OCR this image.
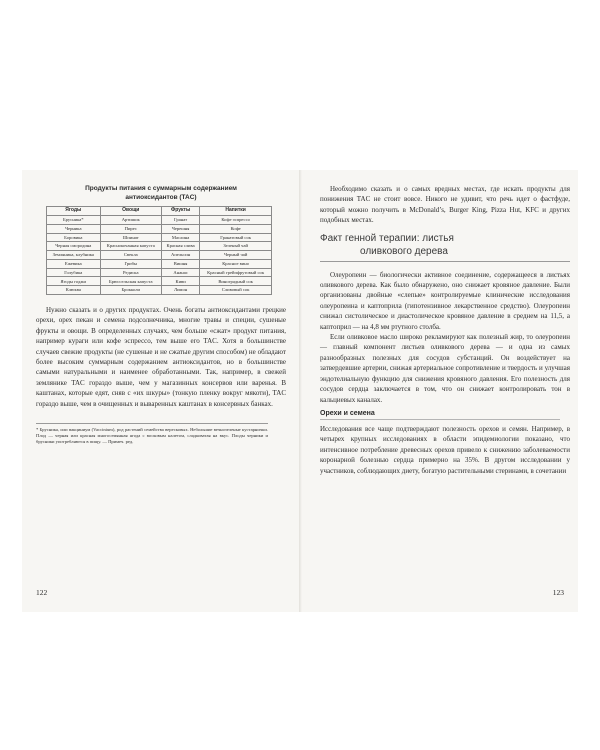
Продукты питания с суммарным содержанием
антиоксидантов (TAC)
Ягоды	Овощи	Фрукты	Напитки
Брусника*	Артишок	Гранат	Кофе эспрессо
Черника	Пирес	Черешня	Кофе
Боровика	Шпинат	Маслина	Гранатовый сок
Черная смородина	Краснокочанная капуста	Красная слива	Зеленый чай
Земляника, клубника	Свекла	Апельсин	Черный чай
Ежевика	Грибы	Вишня	Красное вино
Голубика	Редиска	Ананас	Красный грейпфрутовый сок
Ягоды годжи	Брюссельская капуста	Киви	Виноградный сок
Клюква	Брокколи	Лимон	Сливовый сок

Нужно сказать и о других продуктах. Очень богаты антиоксидантами грецкие орехи, орех пекан и семена подсолнечника, многие травы и специи, сушеные фрукты и овощи. В определенных случаях, чем больше «сжат» продукт питания, например кураги или кофе эспрессо, тем выше его TAC. Хотя в большинстве случаев свежие продукты (не сушеные и не сжатые другим способом) не обладают более высоким суммарным содержанием антиоксидантов, но в большинстве самыми натуральными и наименее обработанными. Так, например, в свежей землянике TAC гораздо выше, чем у магазинных консервов или варенья. В каштанах, которые едят, сняв с «их шкуры» (тонкую пленку вокруг мякоти), TAC гораздо выше, чем в очищенных и вываренных каштанах в консервных банках.

* Брусника, или вакциниум (Vaccinium), род растений семейства вересковых. Небольшие вечнозеленые кустарнички. Плод — черная или красная многосемянная ягода с восковым налетом, сладковатая на вкус. Плоды черники и брусники употребляются в пищу. — Примеч. ред.
122

Необходимо сказать и о самых вредных местах, где искать продукты для понижения TAC не стоит вовсе. Никого не удивит, что речь идет о фастфуде, который можно получить в McDonald’s, Burger King, Pizza Hut, KFC и других подобных местах.

Факт генной терапии: листья
оливкового дерева

Олеуропеин — биологически активное соединение, содержащееся в листьях оливкового дерева. Как было обнаружено, оно снижает кровяное давление. Были организованы двойные «слепые» контролируемые клинические исследования олеуропеина и каптоприла (гипотензивное лекарственное средство). Олеуропеин снижал систолическое и диастолическое кровяное давление в среднем на 11,5, а каптоприл — на 4,8 мм ртутного столба.

Если оливковое масло широко рекламируют как полезный жир, то олеуропеин — главный компонент листьев оливкового дерева — и одна из самых разнообразных полезных для сосудов субстанций. Он воздействует на затвердевшие артерии, снижая артериальное сопротивление и твердость и улучшая эндотелиальную функцию для снижения кровяного давления. Его полезность для сосудов сердца заключается в том, что он снижает контролировать тон в кальциевых каналах.

Орехи и семена

Исследования все чаще подтверждают полезность орехов и семян. Например, в четырех крупных исследованиях в области эпидемиологии показано, что интенсивное потребление древесных орехов привело к снижению заболеваемости коронарной болезнью сердца примерно на 35%. В другом исследовании у участников, соблюдающих диету, богатую растительными стеринами, в сочетании

123
